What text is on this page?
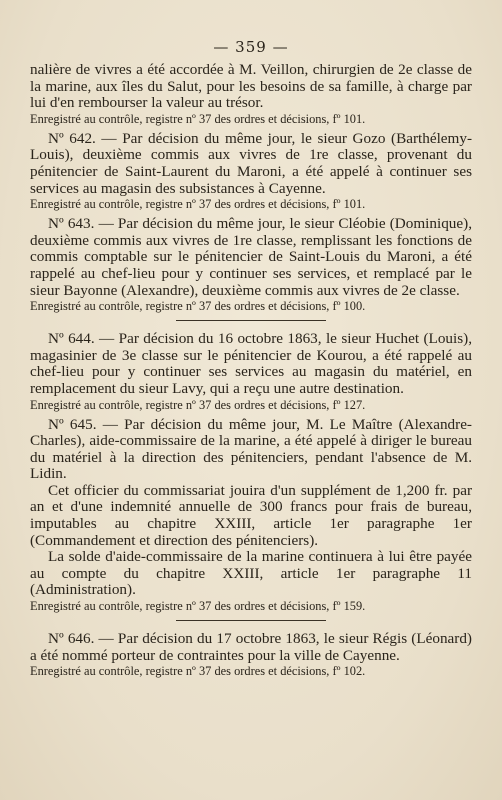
— 359 —

nalière de vivres a été accordée à M. Veillon, chirurgien de 2e classe de la marine, aux îles du Salut, pour les besoins de sa famille, à charge par lui d'en rembourser la valeur au trésor.

Enregistré au contrôle, registre nº 37 des ordres et décisions, fº 101.

Nº 642. — Par décision du même jour, le sieur Gozo (Barthélemy-Louis), deuxième commis aux vivres de 1re classe, provenant du pénitencier de Saint-Laurent du Maroni, a été appelé à continuer ses services au magasin des subsistances à Cayenne.

Enregistré au contrôle, registre nº 37 des ordres et décisions, fº 101.

Nº 643. — Par décision du même jour, le sieur Cléobie (Dominique), deuxième commis aux vivres de 1re classe, remplissant les fonctions de commis comptable sur le pénitencier de Saint-Louis du Maroni, a été rappelé au chef-lieu pour y continuer ses services, et remplacé par le sieur Bayonne (Alexandre), deuxième commis aux vivres de 2e classe.

Enregistré au contrôle, registre nº 37 des ordres et décisions, fº 100.

Nº 644. — Par décision du 16 octobre 1863, le sieur Huchet (Louis), magasinier de 3e classe sur le pénitencier de Kourou, a été rappelé au chef-lieu pour y continuer ses services au magasin du matériel, en remplacement du sieur Lavy, qui a reçu une autre destination.

Enregistré au contrôle, registre nº 37 des ordres et décisions, fº 127.

Nº 645. — Par décision du même jour, M. Le Maître (Alexandre-Charles), aide-commissaire de la marine, a été appelé à diriger le bureau du matériel à la direction des pénitenciers, pendant l'absence de M. Lidin.

Cet officier du commissariat jouira d'un supplément de 1,200 fr. par an et d'une indemnité annuelle de 300 francs pour frais de bureau, imputables au chapitre XXIII, article 1er paragraphe 1er (Commandement et direction des pénitenciers).

La solde d'aide-commissaire de la marine continuera à lui être payée au compte du chapitre XXIII, article 1er paragraphe 11 (Administration).

Enregistré au contrôle, registre nº 37 des ordres et décisions, fº 159.

Nº 646. — Par décision du 17 octobre 1863, le sieur Régis (Léonard) a été nommé porteur de contraintes pour la ville de Cayenne.

Enregistré au contrôle, registre nº 37 des ordres et décisions, fº 102.
